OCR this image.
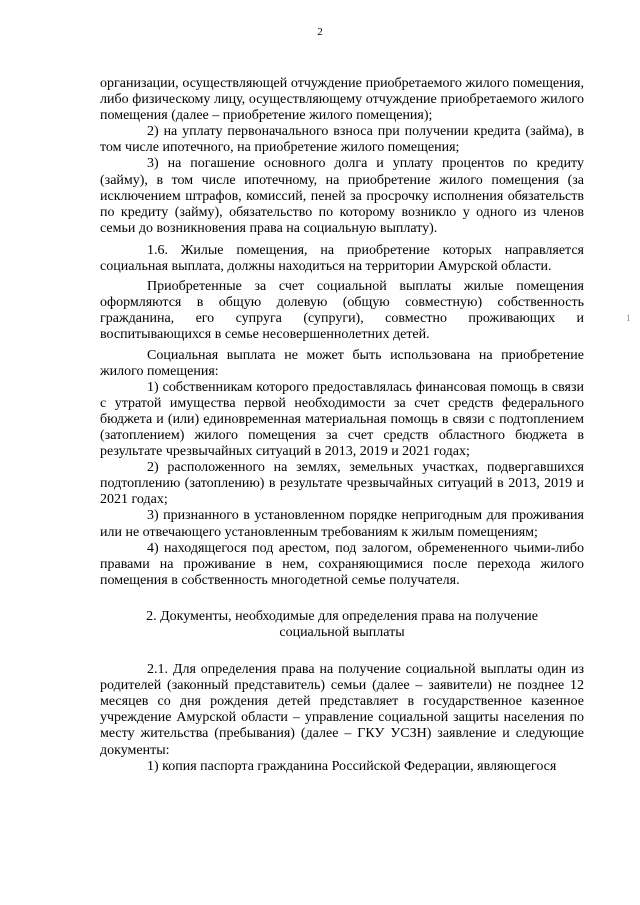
2

организации, осуществляющей отчуждение приобретаемого жилого помещения, либо физическому лицу, осуществляющему отчуждение приобретаемого жилого помещения (далее – приобретение жилого помещения);

2) на уплату первоначального взноса при получении кредита (займа), в том числе ипотечного, на приобретение жилого помещения;

3) на погашение основного долга и уплату процентов по кредиту (займу), в том числе ипотечному, на приобретение жилого помещения (за исключением штрафов, комиссий, пеней за просрочку исполнения обязательств по кредиту (займу), обязательство по которому возникло у одного из членов семьи до возникновения права на социальную выплату).

1.6. Жилые помещения, на приобретение которых направляется социальная выплата, должны находиться на территории Амурской области.

Приобретенные за счет социальной выплаты жилые помещения оформляются в общую долевую (общую совместную) собственность гражданина, его супруга (супруги), совместно проживающих и воспитывающихся в семье несовершеннолетних детей.

Социальная выплата не может быть использована на приобретение жилого помещения:

1) собственникам которого предоставлялась финансовая помощь в связи с утратой имущества первой необходимости за счет средств федерального бюджета и (или) единовременная материальная помощь в связи с подтоплением (затоплением) жилого помещения за счет средств областного бюджета в результате чрезвычайных ситуаций в 2013, 2019 и 2021 годах;

2) расположенного на землях, земельных участках, подвергавшихся подтоплению (затоплению) в результате чрезвычайных ситуаций в 2013, 2019 и 2021 годах;

3) признанного в установленном порядке непригодным для проживания или не отвечающего установленным требованиям к жилым помещениям;

4) находящегося под арестом, под залогом, обремененного чьими-либо правами на проживание в нем, сохраняющимися после перехода жилого помещения в собственность многодетной семье получателя.

2. Документы, необходимые для определения права на получение
социальной выплаты

2.1. Для определения права на получение социальной выплаты один из родителей (законный представитель) семьи (далее – заявители) не позднее 12 месяцев со дня рождения детей представляет в государственное казенное учреждение Амурской области – управление социальной защиты населения по месту жительства (пребывания) (далее – ГКУ УСЗН) заявление и следующие документы:

1) копия паспорта гражданина Российской Федерации, являющегося

1
